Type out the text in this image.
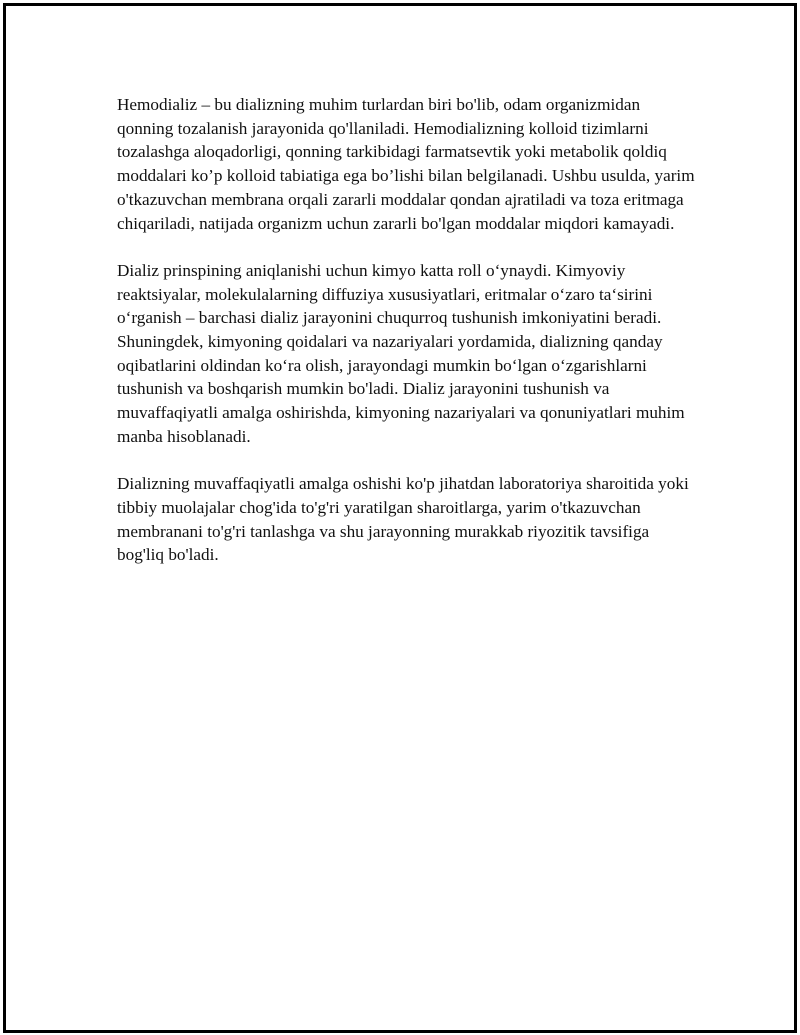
Hemodializ – bu dializning muhim turlardan biri bo'lib, odam organizmidan qonning tozalanish jarayonida qo'llaniladi. Hemodializning kolloid tizimlarni tozalashga aloqadorligi, qonning tarkibidagi farmatsevtik yoki metabolik qoldiq moddalari ko’p kolloid tabiatiga ega bo’lishi bilan belgilanadi. Ushbu usulda, yarim o'tkazuvchan membrana orqali zararli moddalar qondan ajratiladi va toza eritmaga chiqariladi, natijada organizm uchun zararli bo'lgan moddalar miqdori kamayadi.

Dializ prinspining aniqlanishi uchun kimyo katta roll o‘ynaydi. Kimyoviy reaktsiyalar, molekulalarning diffuziya xususiyatlari, eritmalar o‘zaro ta‘sirini o‘rganish – barchasi dializ jarayonini chuqurroq tushunish imkoniyatini beradi. Shuningdek, kimyoning qoidalari va nazariyalari yordamida, dializning qanday oqibatlarini oldindan ko‘ra olish, jarayondagi mumkin bo‘lgan o‘zgarishlarni tushunish va boshqarish mumkin bo'ladi. Dializ jarayonini tushunish va muvaffaqiyatli amalga oshirishda, kimyoning nazariyalari va qonuniyatlari muhim manba hisoblanadi.

Dializning muvaffaqiyatli amalga oshishi ko'p jihatdan laboratoriya sharoitida yoki tibbiy muolajalar chog'ida to'g'ri yaratilgan sharoitlarga, yarim o'tkazuvchan membranani to'g'ri tanlashga va shu jarayonning murakkab riyozitik tavsifiga bog'liq bo'ladi.
